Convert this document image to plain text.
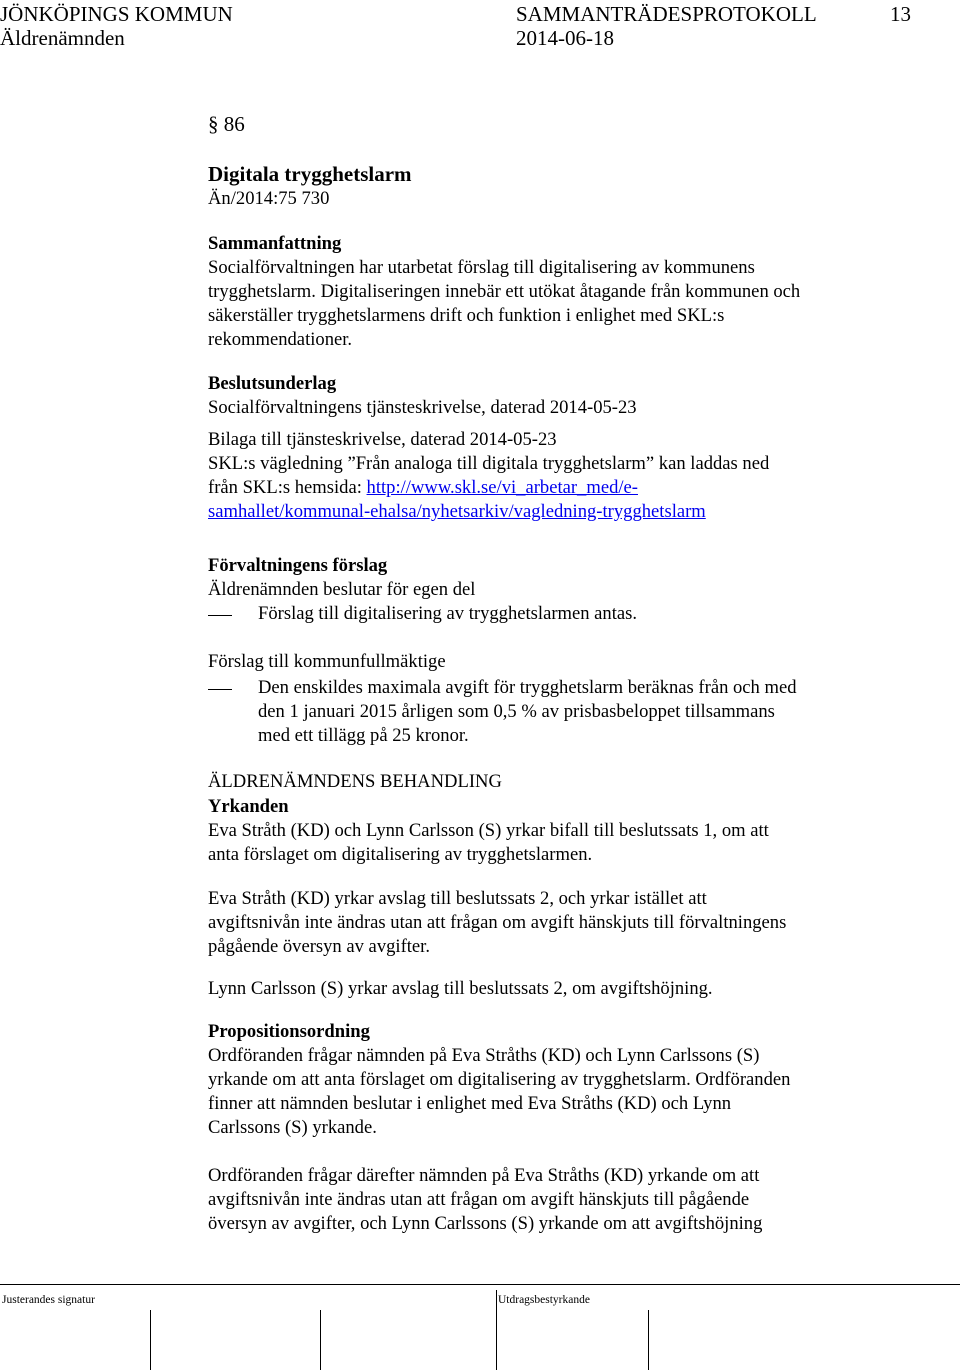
JÖNKÖPINGS KOMMUN
Äldrenämnden
SAMMANTRÄDESPROTOKOLL
2014-06-18
13
§ 86
Digitala trygghetslarm
Än/2014:75 730
Sammanfattning
Socialförvaltningen har utarbetat förslag till digitalisering av kommunens
trygghetslarm. Digitaliseringen innebär ett utökat åtagande från kommunen och
säkerställer trygghetslarmens drift och funktion i enlighet med SKL:s
rekommendationer.
Beslutsunderlag
Socialförvaltningens tjänsteskrivelse, daterad 2014-05-23
Bilaga till tjänsteskrivelse, daterad 2014-05-23
SKL:s vägledning ”Från analoga till digitala trygghetslarm” kan laddas ned
från SKL:s hemsida: http://www.skl.se/vi_arbetar_med/e-
samhallet/kommunal-ehalsa/nyhetsarkiv/vagledning-trygghetslarm
Förvaltningens förslag
Äldrenämnden beslutar för egen del
Förslag till digitalisering av trygghetslarmen antas.
Förslag till kommunfullmäktige
Den enskildes maximala avgift för trygghetslarm beräknas från och med
den 1 januari 2015 årligen som 0,5 % av prisbasbeloppet tillsammans
med ett tillägg på 25 kronor.
ÄLDRENÄMNDENS BEHANDLING
Yrkanden
Eva Stråth (KD) och Lynn Carlsson (S) yrkar bifall till beslutssats 1, om att
anta förslaget om digitalisering av trygghetslarmen.
Eva Stråth (KD) yrkar avslag till beslutssats 2, och yrkar istället att
avgiftsnivån inte ändras utan att frågan om avgift hänskjuts till förvaltningens
pågående översyn av avgifter.
Lynn Carlsson (S) yrkar avslag till beslutssats 2, om avgiftshöjning.
Propositionsordning
Ordföranden frågar nämnden på Eva Stråths (KD) och Lynn Carlssons (S)
yrkande om att anta förslaget om digitalisering av trygghetslarm. Ordföranden
finner att nämnden beslutar i enlighet med Eva Stråths (KD) och Lynn
Carlssons (S) yrkande.
Ordföranden frågar därefter nämnden på Eva Stråths (KD) yrkande om att
avgiftsnivån inte ändras utan att frågan om avgift hänskjuts till pågående
översyn av avgifter, och Lynn Carlssons (S) yrkande om att avgiftshöjning
Justerandes signatur	Utdragsbestyrkande
